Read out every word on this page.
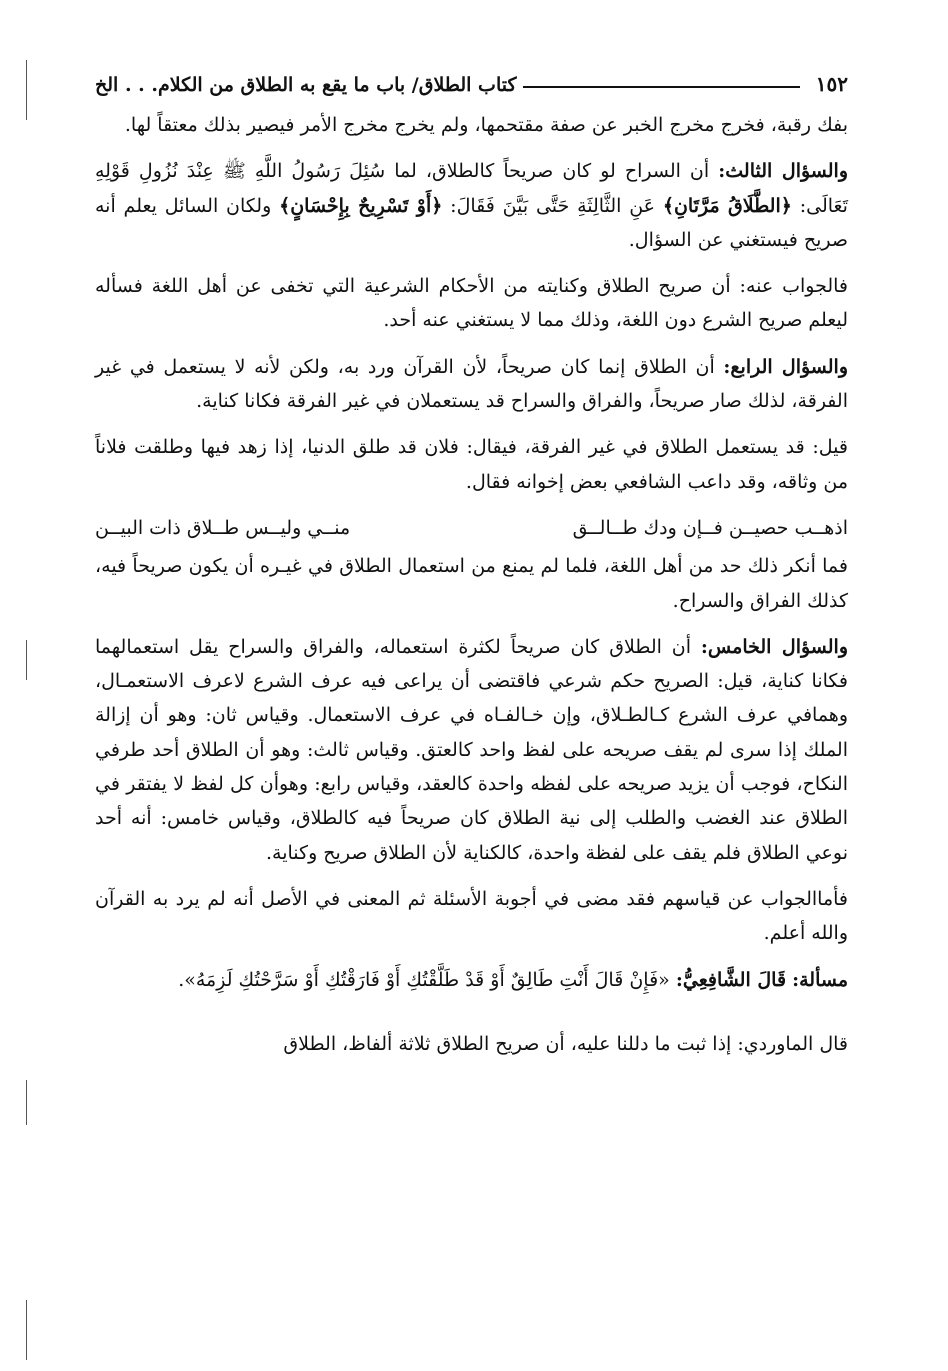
١٥٢
كتاب الطلاق/ باب ما يقع به الطلاق من الكلام. . . الخ

بفك رقبة، فخرج مخرج الخبر عن صفة مقتحمها، ولم يخرج مخرج الأمر فيصير بذلك معتقاً لها.

والسؤال الثالث: أن السراح لو كان صريحاً كالطلاق، لما سُئِلَ رَسُولُ اللَّهِ ﷺ عِنْدَ نُزُولِ قَوْلِهِ تَعَالَى: ﴿الطَّلَاقُ مَرَّتَانِ﴾ عَنِ الثَّالِثَةِ حَتَّى بَيَّنَ فَقَالَ: ﴿أَوْ تَسْرِيحٌ بِإِحْسَانٍ﴾ ولكان السائل يعلم أنه صريح فيستغني عن السؤال.

فالجواب عنه: أن صريح الطلاق وكنايته من الأحكام الشرعية التي تخفى عن أهل اللغة فسأله ليعلم صريح الشرع دون اللغة، وذلك مما لا يستغني عنه أحد.

والسؤال الرابع: أن الطلاق إنما كان صريحاً، لأن القرآن ورد به، ولكن لأنه لا يستعمل في غير الفرقة، لذلك صار صريحاً، والفراق والسراح قد يستعملان في غير الفرقة فكانا كناية.

قيل: قد يستعمل الطلاق في غير الفرقة، فيقال: فلان قد طلق الدنيا، إذا زهد فيها وطلقت فلاناً من وثاقه، وقد داعب الشافعي بعض إخوانه فقال.

اذهــب حصيــن فــإن ودك طــالــق
منــي وليــس طــلاق ذات البيــن

فما أنكر ذلك حد من أهل اللغة، فلما لم يمنع من استعمال الطلاق في غيـره أن يكون صريحاً فيه، كذلك الفراق والسراح.

والسؤال الخامس: أن الطلاق كان صريحاً لكثرة استعماله، والفراق والسراح يقل استعمالهما فكانا كناية، قيل: الصريح حكم شرعي فاقتضى أن يراعى فيه عرف الشرع لاعرف الاستعمـال، وهمافي عرف الشرع كـالطـلاق، وإن خـالفـاه في عرف الاستعمال. وقياس ثان: وهو أن إزالة الملك إذا سرى لم يقف صريحه على لفظ واحد كالعتق. وقياس ثالث: وهو أن الطلاق أحد طرفي النكاح، فوجب أن يزيد صريحه على لفظه واحدة كالعقد، وقياس رابع: وهوأن كل لفظ لا يفتقر في الطلاق عند الغضب والطلب إلى نية الطلاق كان صريحاً فيه كالطلاق، وقياس خامس: أنه أحد نوعي الطلاق فلم يقف على لفظة واحدة، كالكناية لأن الطلاق صريح وكناية.

فأماالجواب عن قياسهم فقد مضى في أجوبة الأسئلة ثم المعنى في الأصل أنه لم يرد به القرآن والله أعلم.

مسألة: قَالَ الشَّافِعِيُّ: «فَإِنْ قَالَ أَنْتِ طَالِقٌ أَوْ قَدْ طَلَّقْتُكِ أَوْ فَارَقْتُكِ أَوْ سَرَّحْتُكِ لَزِمَهُ».

قال الماوردي: إذا ثبت ما دللنا عليه، أن صريح الطلاق ثلاثة ألفاظ، الطلاق
